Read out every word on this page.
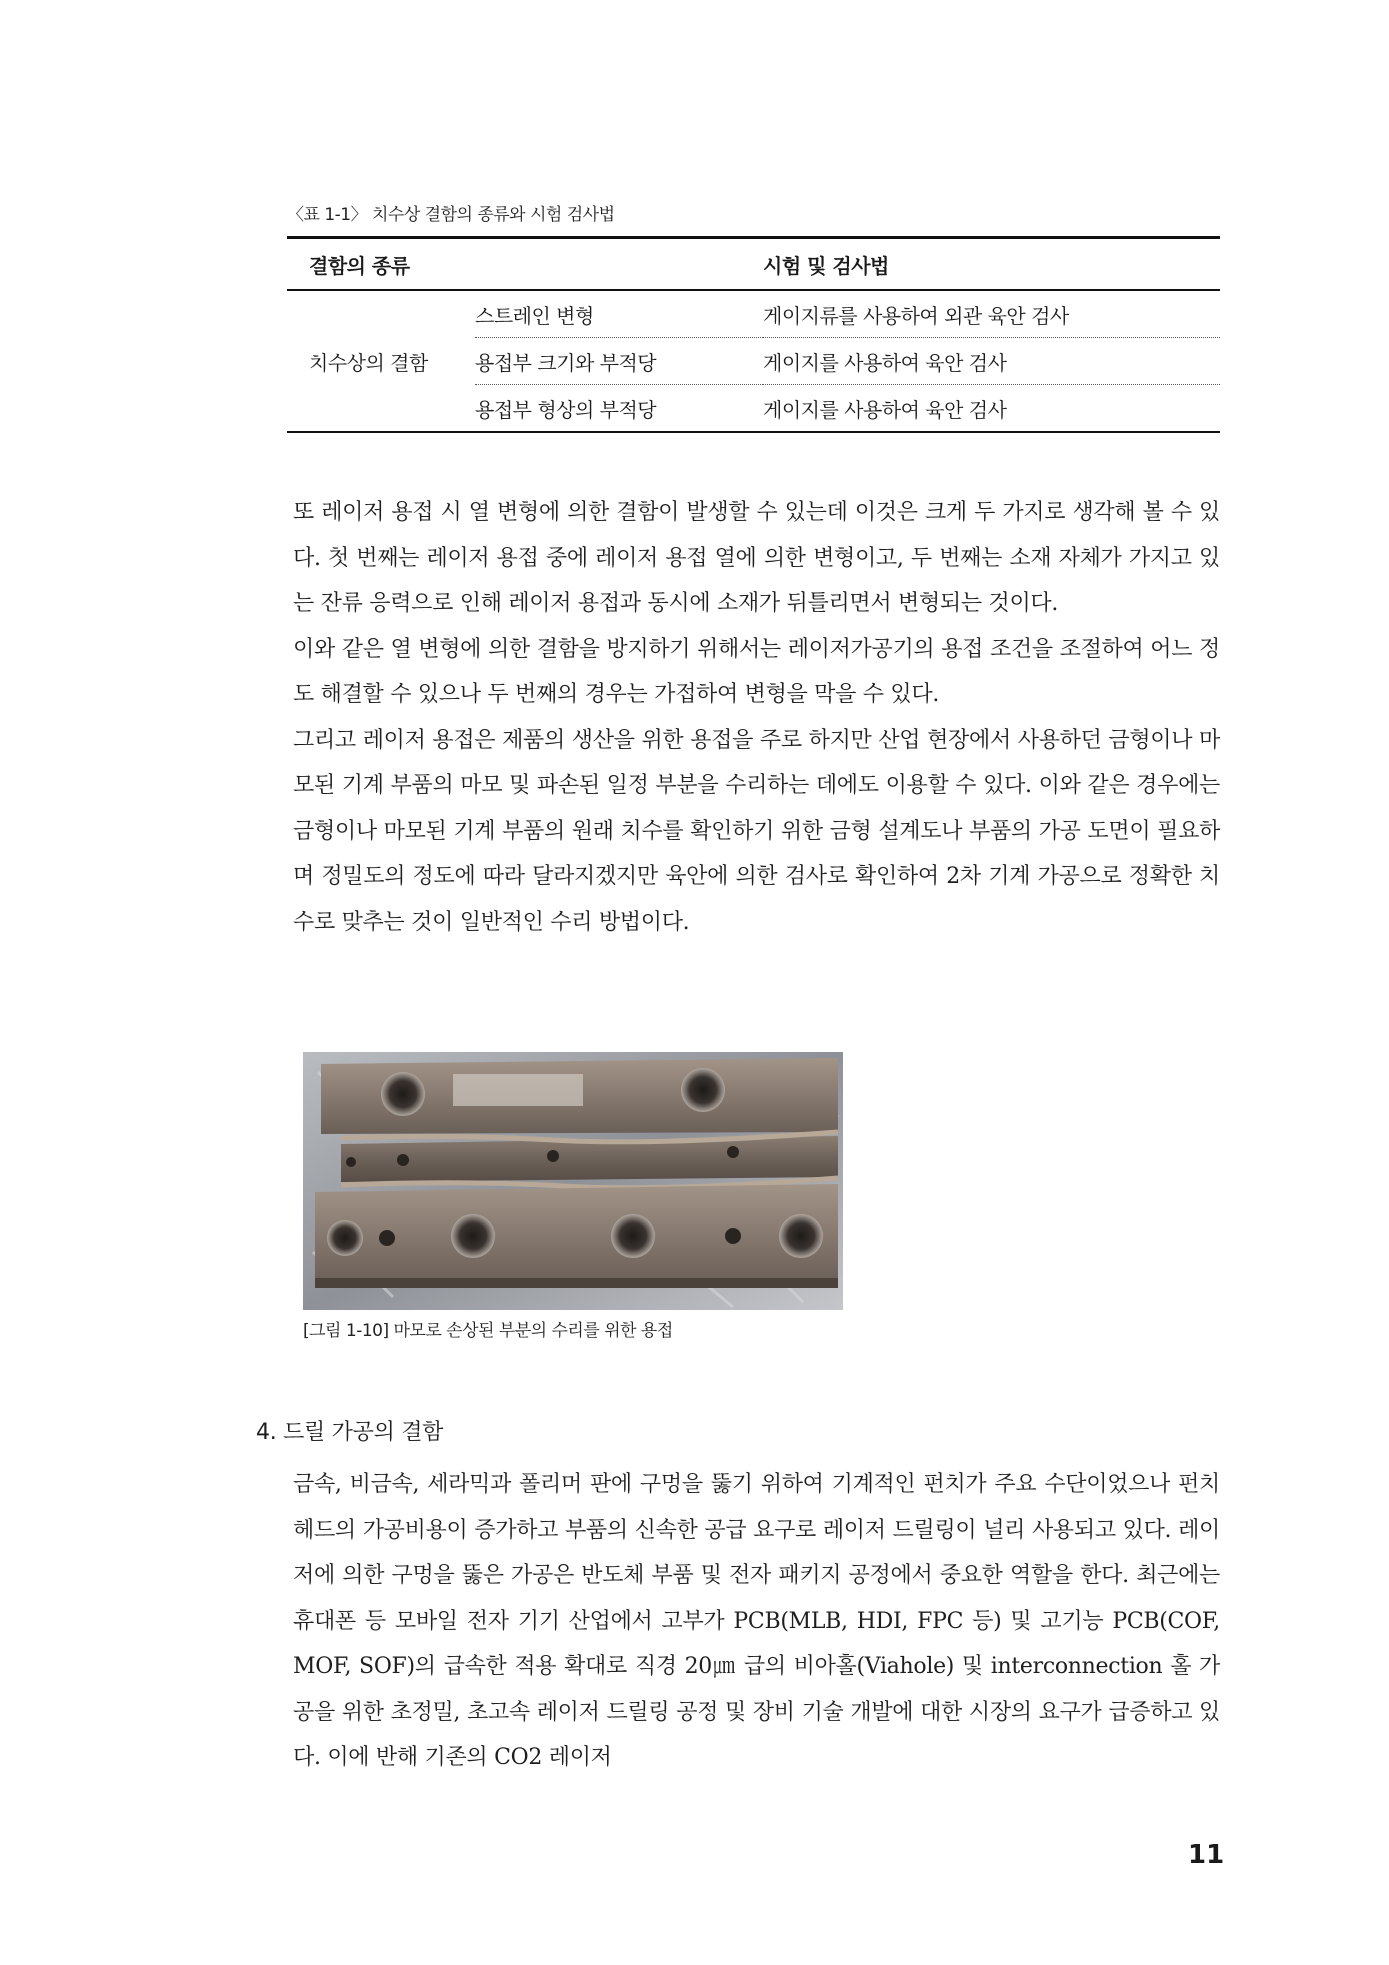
〈표 1-1〉 치수상 결함의 종류와 시험 검사법
결함의 종류		시험 및 검사법
치수상의 결함	스트레인 변형	게이지류를 사용하여 외관 육안 검사
	용접부 크기와 부적당	게이지를 사용하여 육안 검사
	용접부 형상의 부적당	게이지를 사용하여 육안 검사

또 레이저 용접 시 열 변형에 의한 결함이 발생할 수 있는데 이것은 크게 두 가지로 생각해 볼 수 있다. 첫 번째는 레이저 용접 중에 레이저 용접 열에 의한 변형이고, 두 번째는 소재 자체가 가지고 있는 잔류 응력으로 인해 레이저 용접과 동시에 소재가 뒤틀리면서 변형되는 것이다.

이와 같은 열 변형에 의한 결함을 방지하기 위해서는 레이저가공기의 용접 조건을 조절하여 어느 정도 해결할 수 있으나 두 번째의 경우는 가접하여 변형을 막을 수 있다.

그리고 레이저 용접은 제품의 생산을 위한 용접을 주로 하지만 산업 현장에서 사용하던 금형이나 마모된 기계 부품의 마모 및 파손된 일정 부분을 수리하는 데에도 이용할 수 있다. 이와 같은 경우에는 금형이나 마모된 기계 부품의 원래 치수를 확인하기 위한 금형 설계도나 부품의 가공 도면이 필요하며 정밀도의 정도에 따라 달라지겠지만 육안에 의한 검사로 확인하여 2차 기계 가공으로 정확한 치수로 맞추는 것이 일반적인 수리 방법이다.

[그림 1-10] 마모로 손상된 부분의 수리를 위한 용접
4. 드릴 가공의 결함

금속, 비금속, 세라믹과 폴리머 판에 구멍을 뚫기 위하여 기계적인 펀치가 주요 수단이었으나 펀치헤드의 가공비용이 증가하고 부품의 신속한 공급 요구로 레이저 드릴링이 널리 사용되고 있다. 레이저에 의한 구멍을 뚫은 가공은 반도체 부품 및 전자 패키지 공정에서 중요한 역할을 한다. 최근에는 휴대폰 등 모바일 전자 기기 산업에서 고부가 PCB(MLB, HDI, FPC 등) 및 고기능 PCB(COF, MOF, SOF)의 급속한 적용 확대로 직경 20㎛ 급의 비아홀(Viahole) 및 interconnection 홀 가공을 위한 초정밀, 초고속 레이저 드릴링 공정 및 장비 기술 개발에 대한 시장의 요구가 급증하고 있다. 이에 반해 기존의 CO2 레이저

11
